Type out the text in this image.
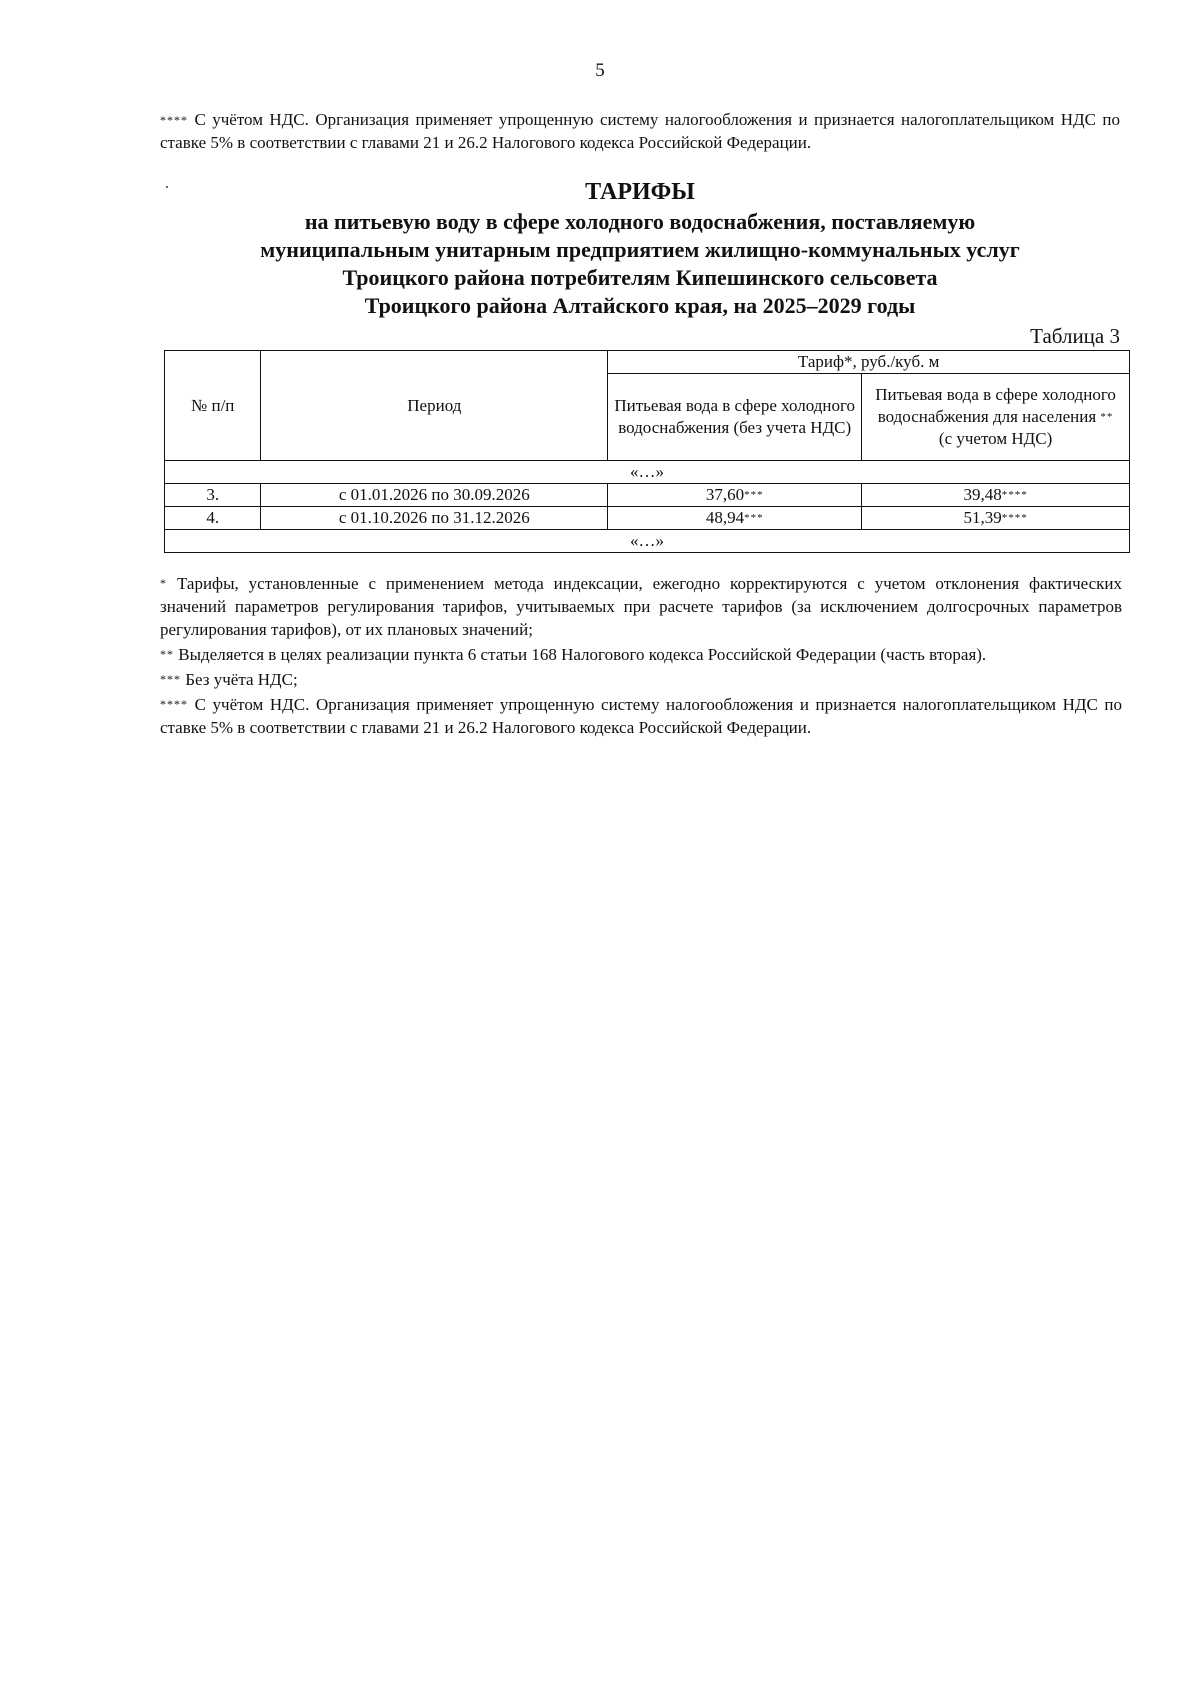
5
**** С учётом НДС. Организация применяет упрощенную систему налогообложения и признается налогоплательщиком НДС по ставке 5% в соответствии с главами 21 и 26.2 Налогового кодекса Российской Федерации.
ТАРИФЫ
на питьевую воду в сфере холодного водоснабжения, поставляемую
муниципальным унитарным предприятием жилищно-коммунальных услуг
Троицкого района потребителям Кипешинского сельсовета
Троицкого района Алтайского края, на 2025–2029 годы
Таблица 3
№ п/п	Период	Тариф*, руб./куб. м	
		Питьевая вода в сфере холодного водоснабжения (без учета НДС)	Питьевая вода в сфере холодного водоснабжения для населения **
(с учетом НДС)
«…»			
3.	с 01.01.2026 по 30.09.2026	37,60***	39,48****
4.	с 01.10.2026 по 31.12.2026	48,94***	51,39****
«…»			

* Тарифы, установленные с применением метода индексации, ежегодно корректируются с учетом отклонения фактических значений параметров регулирования тарифов, учитываемых при расчете тарифов (за исключением долгосрочных параметров регулирования тарифов), от их плановых значений;

** Выделяется в целях реализации пункта 6 статьи 168 Налогового кодекса Российской Федерации (часть вторая).

*** Без учёта НДС;

**** С учётом НДС. Организация применяет упрощенную систему налогообложения и признается налогоплательщиком НДС по ставке 5% в соответствии с главами 21 и 26.2 Налогового кодекса Российской Федерации.
